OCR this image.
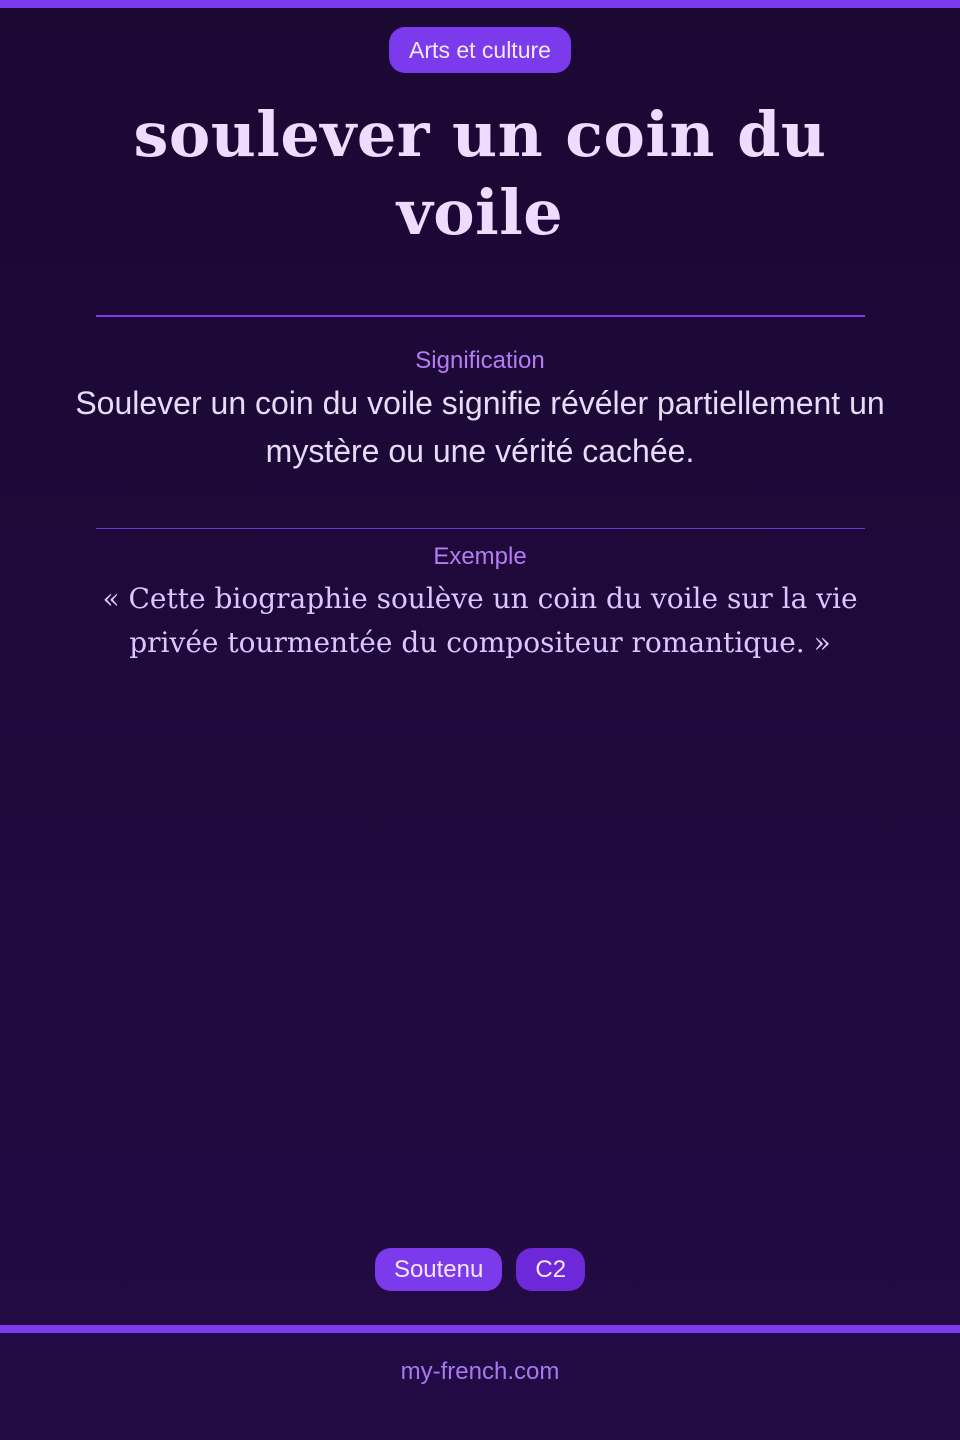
Arts et culture
soulever un coin du voile
Signification

Soulever un coin du voile signifie révéler partiellement un mystère ou une vérité cachée.

Exemple

« Cette biographie soulève un coin du voile sur la vie privée tourmentée du compositeur romantique. »

Soutenu	C2
my-french.com
